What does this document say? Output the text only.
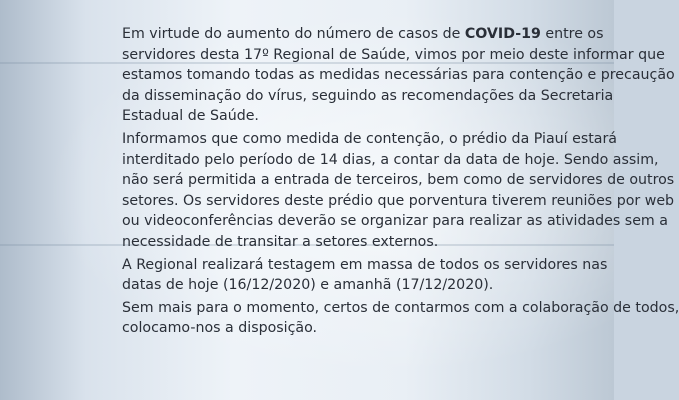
Em virtude do aumento do número de casos de COVID-19 entre os
servidores desta 17º Regional de Saúde, vimos por meio deste informar que
estamos tomando todas as medidas necessárias para contenção e precaução
da disseminação do vírus, seguindo as recomendações da Secretaria
Estadual de Saúde.

Informamos que como medida de contenção, o prédio da Piauí estará
interditado pelo período de 14 dias, a contar da data de hoje. Sendo assim,
não será permitida a entrada de terceiros, bem como de servidores de outros
setores. Os servidores deste prédio que porventura tiverem reuniões por web
ou videoconferências deverão se organizar para realizar as atividades sem a
necessidade de transitar a setores externos.

A Regional realizará testagem em massa de todos os servidores nas
datas de hoje (16/12/2020) e amanhã (17/12/2020).

Sem mais para o momento, certos de contarmos com a colaboração de todos,
colocamo-nos a disposição.
